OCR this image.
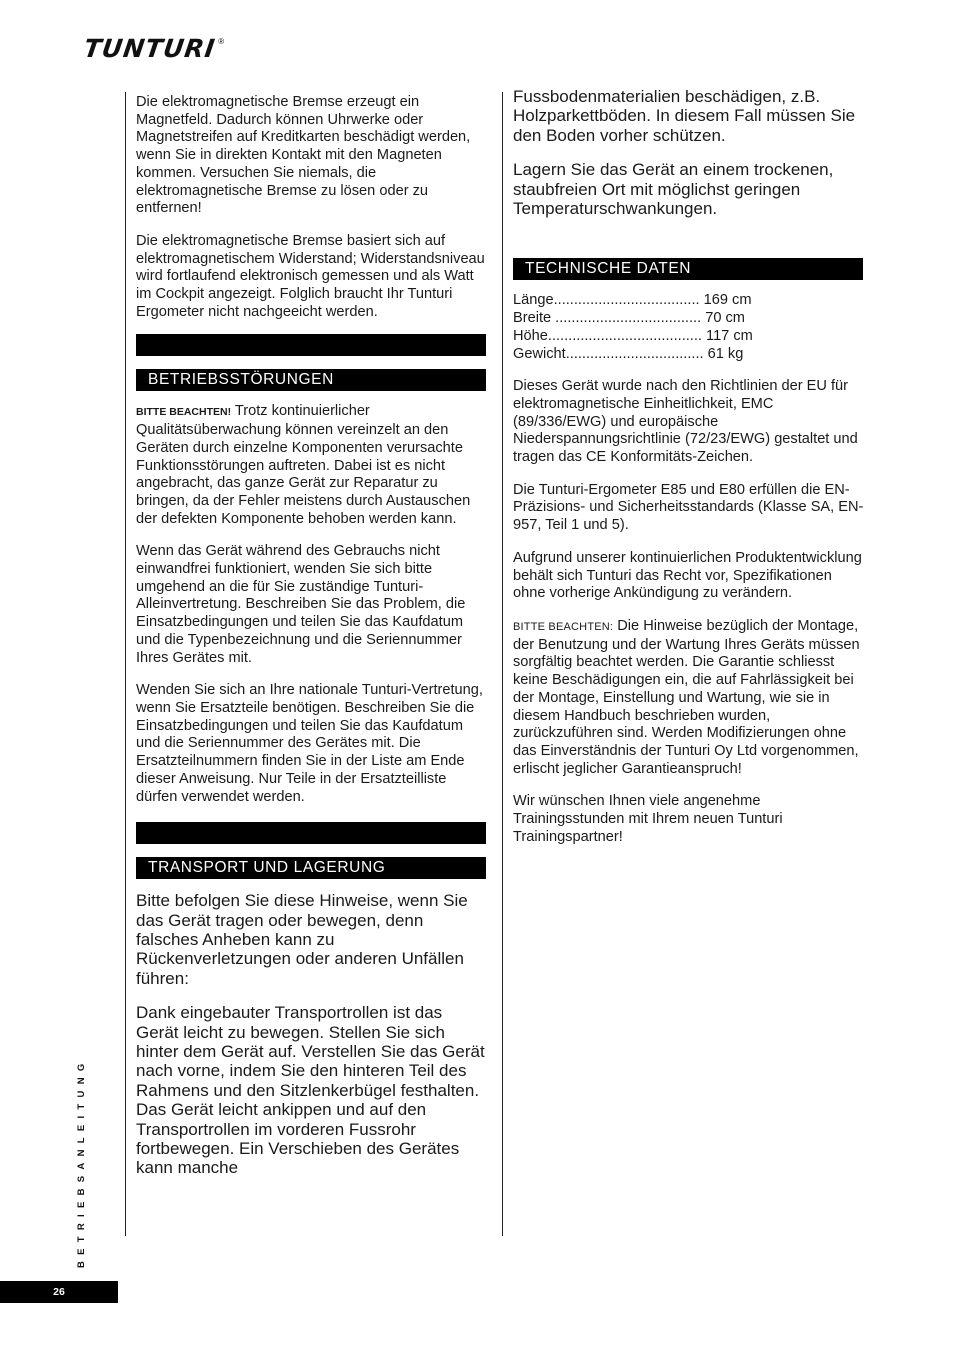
TUNTURI ®

Die elektromagnetische Bremse erzeugt ein Magnetfeld. Dadurch können Uhrwerke oder Magnetstreifen auf Kreditkarten beschädigt werden, wenn Sie in direkten Kontakt mit den Magneten kommen. Versuchen Sie niemals, die elektromagnetische Bremse zu lösen oder zu entfernen!

Die elektromagnetische Bremse basiert sich auf elektromagnetischem Widerstand; Widerstandsniveau wird fortlaufend elektronisch gemessen und als Watt im Cockpit angezeigt. Folglich braucht Ihr Tunturi Ergometer nicht nachgeeicht werden.

BETRIEBSSTÖRUNGEN

BITTE BEACHTEN! Trotz kontinuierlicher Qualitätsüberwachung können vereinzelt an den Geräten durch einzelne Komponenten verursachte Funktionsstörungen auftreten. Dabei ist es nicht angebracht, das ganze Gerät zur Reparatur zu bringen, da der Fehler meistens durch Austauschen der defekten Komponente behoben werden kann.

Wenn das Gerät während des Gebrauchs nicht einwandfrei funktioniert, wenden Sie sich bitte umgehend an die für Sie zuständige Tunturi-Alleinvertretung. Beschreiben Sie das Problem, die Einsatzbedingungen und teilen Sie das Kaufdatum und die Typenbezeichnung und die Seriennummer Ihres Gerätes mit.

Wenden Sie sich an Ihre nationale Tunturi-Vertretung, wenn Sie Ersatzteile benötigen. Beschreiben Sie die Einsatzbedingungen und teilen Sie das Kaufdatum und die Seriennummer des Gerätes mit. Die Ersatzteilnummern finden Sie in der Liste am Ende dieser Anweisung. Nur Teile in der Ersatzteilliste dürfen verwendet werden.

TRANSPORT UND LAGERUNG

Bitte befolgen Sie diese Hinweise, wenn Sie das Gerät tragen oder bewegen, denn falsches Anheben kann zu Rückenverletzungen oder anderen Unfällen führen:

Dank eingebauter Transportrollen ist das Gerät leicht zu bewegen. Stellen Sie sich hinter dem Gerät auf. Verstellen Sie das Gerät nach vorne, indem Sie den hinteren Teil des Rahmens und den Sitzlenkerbügel festhalten. Das Gerät leicht ankippen und auf den Transportrollen im vorderen Fussrohr fortbewegen. Ein Verschieben des Gerätes kann manche

Fussbodenmaterialien beschädigen, z.B. Holzparkettböden. In diesem Fall müssen Sie den Boden vorher schützen.

Lagern Sie das Gerät an einem trockenen, staubfreien Ort mit möglichst geringen Temperaturschwankungen.

TECHNISCHE DATEN
Länge.................................... 169 cm
Breite .................................... 70 cm
Höhe...................................... 117 cm
Gewicht.................................. 61 kg

Dieses Gerät wurde nach den Richtlinien der EU für elektromagnetische Einheitlichkeit, EMC (89/336/EWG) und europäische Niederspannungsrichtlinie (72/23/EWG) gestaltet und tragen das CE Konformitäts-Zeichen.

Die Tunturi-Ergometer E85 und E80 erfüllen die EN-Präzisions- und Sicherheitsstandards (Klasse SA, EN-957, Teil 1 und 5).

Aufgrund unserer kontinuierlichen Produktentwicklung behält sich Tunturi das Recht vor, Spezifikationen ohne vorherige Ankündigung zu verändern.

BITTE BEACHTEN: Die Hinweise bezüglich der Montage, der Benutzung und der Wartung Ihres Geräts müssen sorgfältig beachtet werden. Die Garantie schliesst keine Beschädigungen ein, die auf Fahrlässigkeit bei der Montage, Einstellung und Wartung, wie sie in diesem Handbuch beschrieben wurden, zurückzuführen sind. Werden Modifizierungen ohne das Einverständnis der Tunturi Oy Ltd vorgenommen, erlischt jeglicher Garantieanspruch!

Wir wünschen Ihnen viele angenehme Trainingsstunden mit Ihrem neuen Tunturi Trainingspartner!

BETRIEBSANLEITUNG
26
